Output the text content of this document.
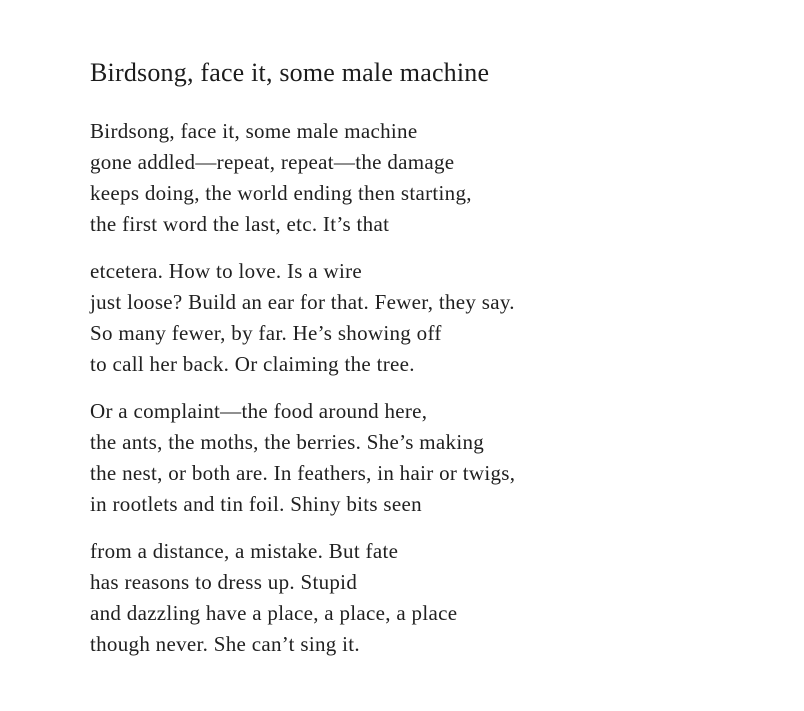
Birdsong, face it, some male machine
Birdsong, face it, some male machine
gone addled—repeat, repeat—the damage
keeps doing, the world ending then starting,
the first word the last, etc. It’s that
etcetera. How to love. Is a wire
just loose? Build an ear for that. Fewer, they say.
So many fewer, by far. He’s showing off
to call her back. Or claiming the tree.
Or a complaint—the food around here,
the ants, the moths, the berries. She’s making
the nest, or both are. In feathers, in hair or twigs,
in rootlets and tin foil. Shiny bits seen
from a distance, a mistake. But fate
has reasons to dress up. Stupid
and dazzling have a place, a place, a place
though never. She can’t sing it.
